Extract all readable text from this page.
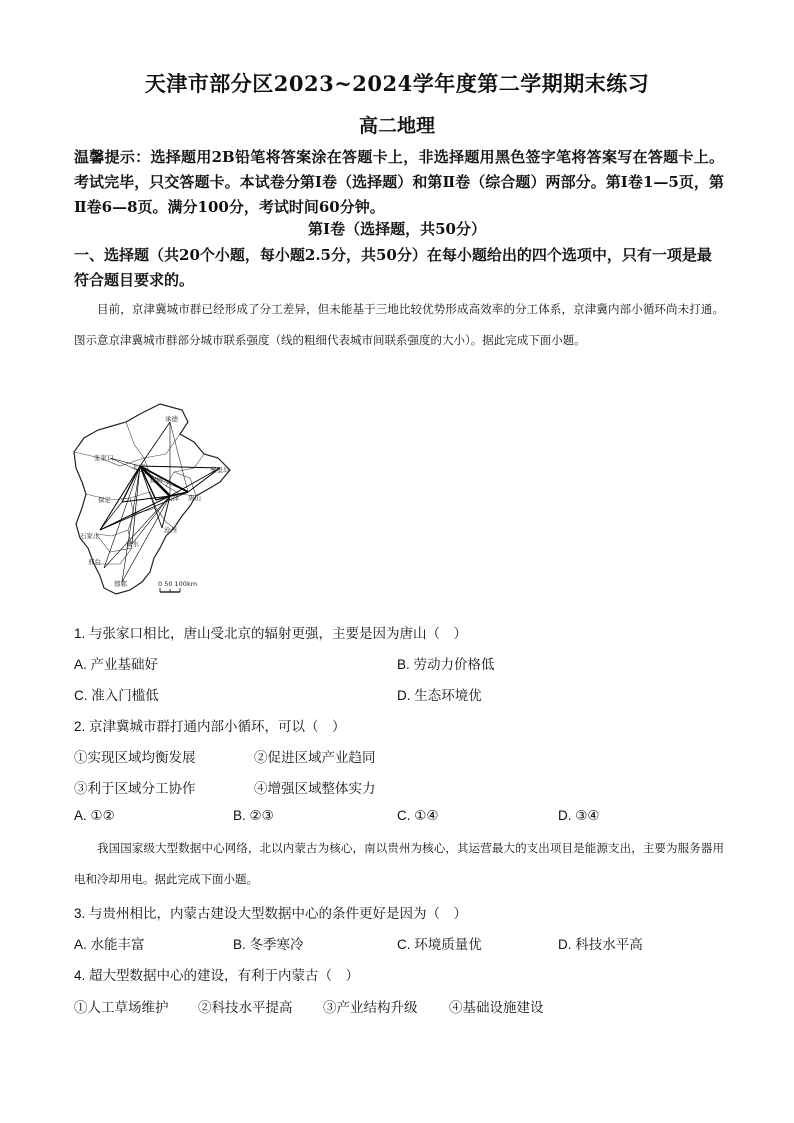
天津市部分区2023~2024学年度第二学期期末练习
高二地理
温馨提示：选择题用2B铅笔将答案涂在答题卡上，非选择题用黑色签字笔将答案写在答题卡上。考试完毕，只交答题卡。本试卷分第Ⅰ卷（选择题）和第Ⅱ卷（综合题）两部分。第Ⅰ卷1—5页，第Ⅱ卷6—8页。满分100分，考试时间60分钟。
第Ⅰ卷（选择题，共50分）
一、选择题（共20个小题，每小题2.5分，共50分）在每小题给出的四个选项中，只有一项是最符合题目要求的。
目前，京津冀城市群已经形成了分工差异，但未能基于三地比较优势形成高效率的分工体系，京津冀内部小循环尚未打通。图示意京津冀城市群部分城市联系强度（线的粗细代表城市间联系强度的大小）。据此完成下面小题。
承德
张家口
北京	秦皇岛
廊坊
天津 唐山
保定
沧州
石家庄
衡水
邢台
邯郸	0 50 100km
1. 与张家口相比，唐山受北京的辐射更强，主要是因为唐山（　）
A. 产业基础好	B. 劳动力价格低
C. 准入门槛低	D. 生态环境优
2. 京津冀城市群打通内部小循环，可以（　）
①实现区域均衡发展	②促进区域产业趋同
③利于区域分工协作	④增强区域整体实力
A. ①②	B. ②③	C. ①④	D. ③④
我国国家级大型数据中心网络，北以内蒙古为核心，南以贵州为核心，其运营最大的支出项目是能源支出，主要为服务器用电和冷却用电。据此完成下面小题。
3. 与贵州相比，内蒙古建设大型数据中心的条件更好是因为（　）
A. 水能丰富	B. 冬季寒冷	C. 环境质量优	D. 科技水平高
4. 超大型数据中心的建设，有利于内蒙古（　）
①人工草场维护 ②科技水平提高 ③产业结构升级 ④基础设施建设
